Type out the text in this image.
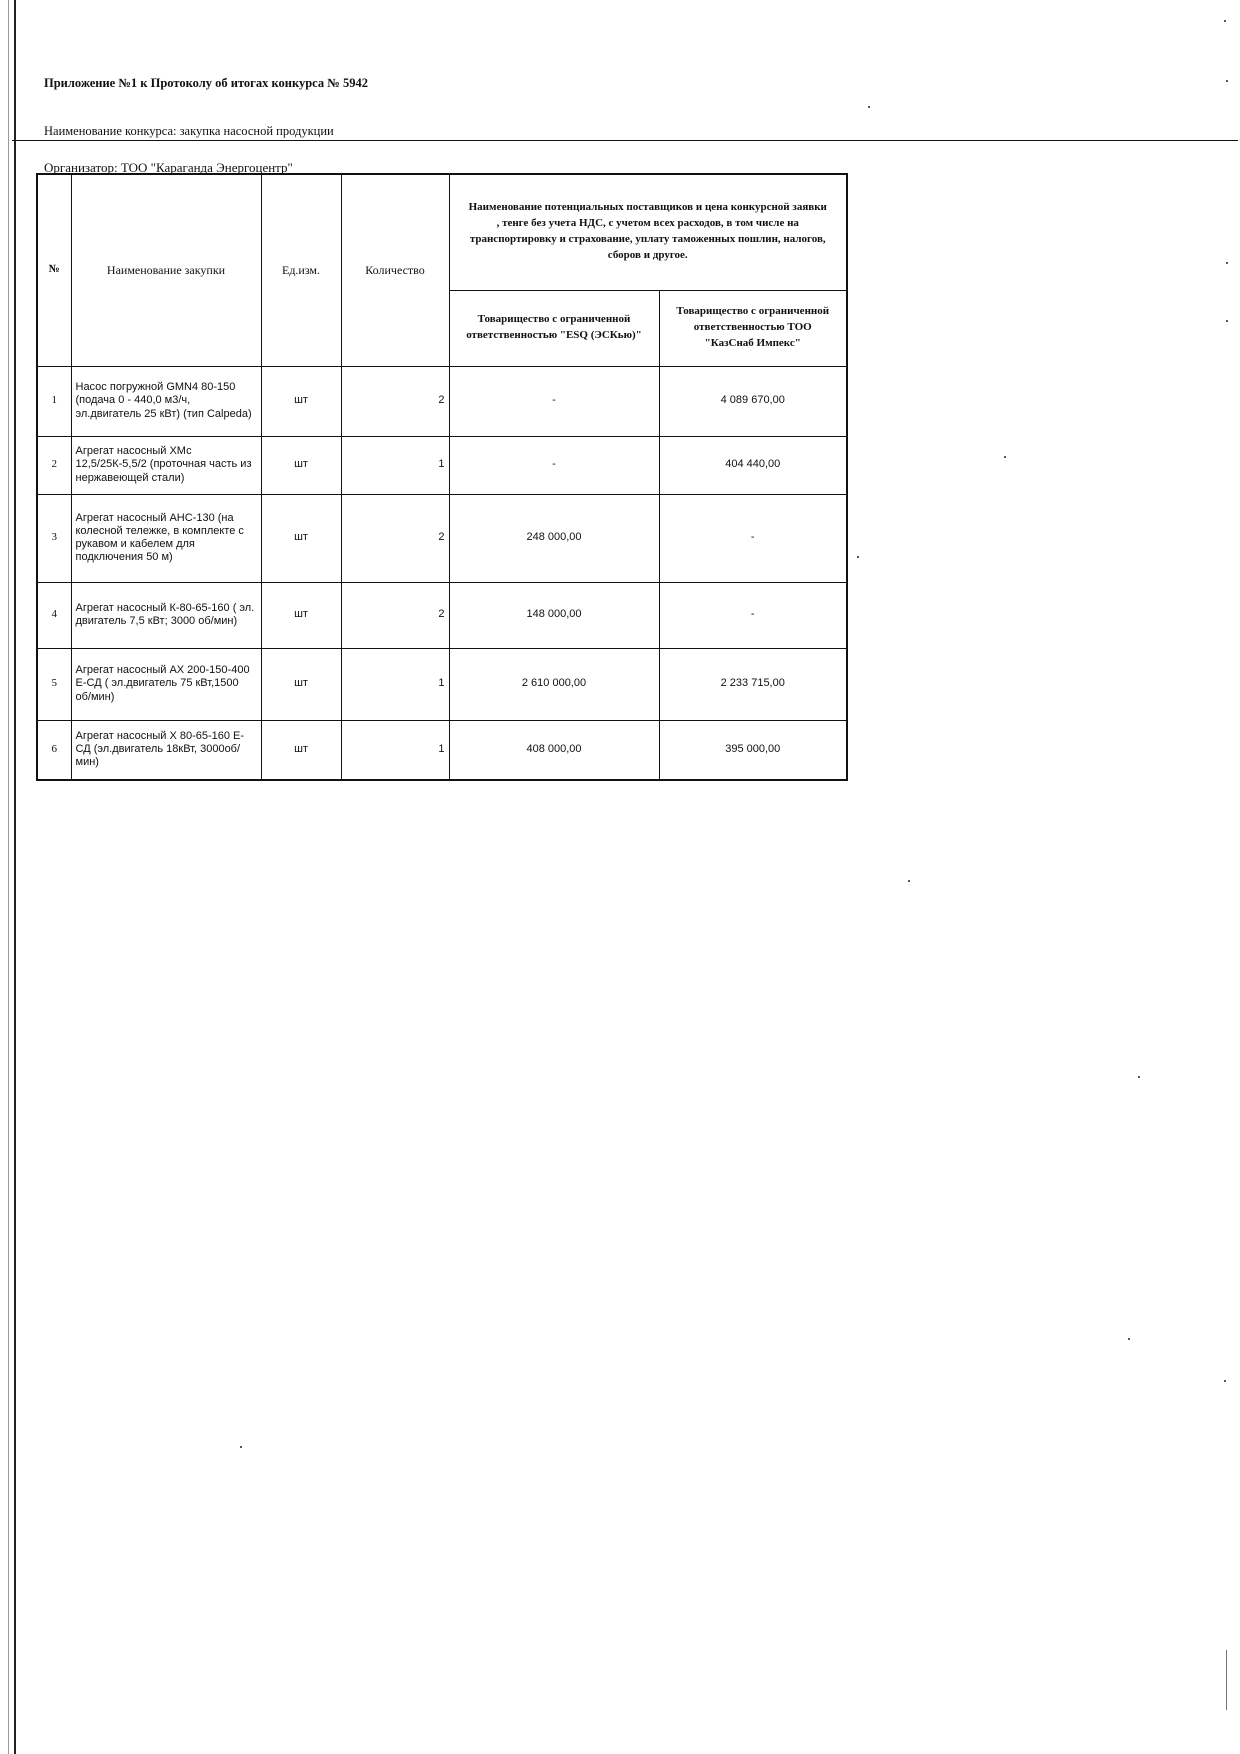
Приложение №1 к Протоколу об итогах конкурса № 5942
Наименование конкурса: закупка насосной продукции
Организатор: ТОО "Караганда Энергоцентр"
№	Наименование закупки	Ед.изм.	Количество	Наименование потенциальных поставщиков и цена конкурсной заявки , тенге без учета НДС, с учетом всех расходов, в том числе на транспортировку и страхование, уплату таможенных пошлин, налогов, сборов и другое.	
				Товарищество с ограниченной ответственностью "ESQ (ЭСКью)"	Товарищество с ограниченной ответственностью ТОО "КазСнаб Импекс"
1	Насос погружной GMN4 80-150 (подача 0 - 440,0 м3/ч, эл.двигатель 25 кВт) (тип Calpeda)	шт	2	-	4 089 670,00
2	Агрегат насосный ХМс 12,5/25К-5,5/2 (проточная часть из нержавеющей стали)	шт	1	-	404 440,00
3	Агрегат насосный АНС-130 (на колесной тележке, в комплекте с рукавом и кабелем для подключения 50 м)	шт	2	248 000,00	-
4	Агрегат насосный К-80-65-160 ( эл. двигатель 7,5 кВт; 3000 об/мин)	шт	2	148 000,00	-
5	Агрегат насосный АХ 200-150-400 Е-СД ( эл.двигатель 75 кВт,1500 об/мин)	шт	1	2 610 000,00	2 233 715,00
6	Агрегат насосный Х 80-65-160 Е-СД (эл.двигатель 18кВт, 3000об/мин)	шт	1	408 000,00	395 000,00
